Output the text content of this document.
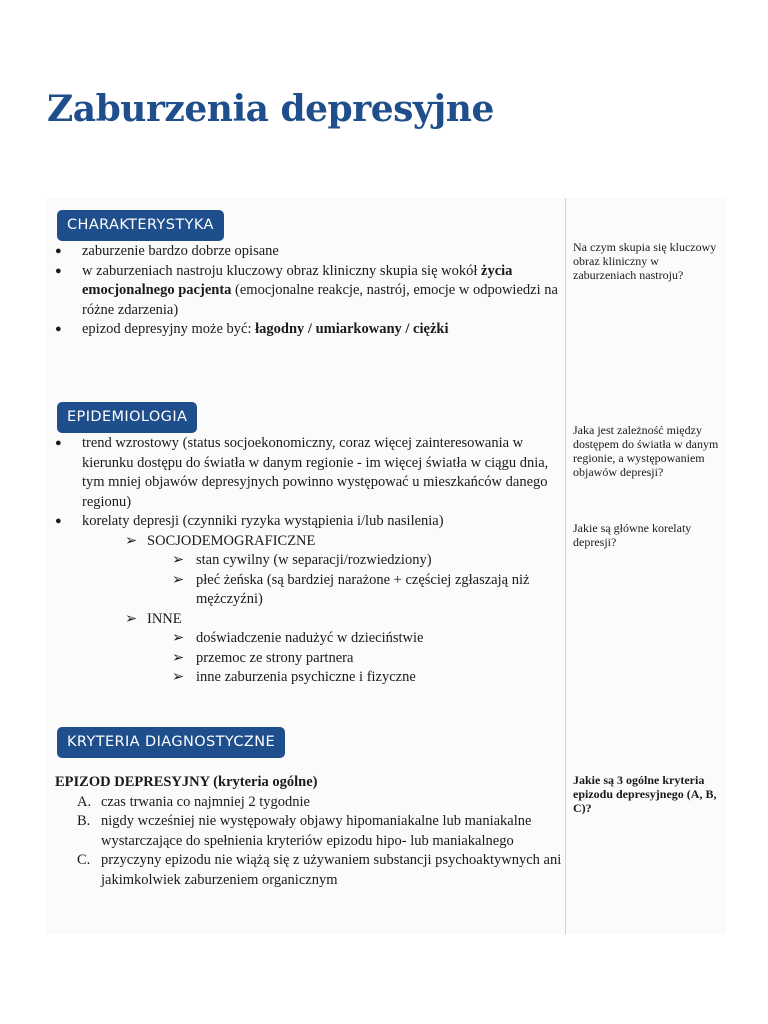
Zaburzenia depresyjne
CHARAKTERYSTYKA
● zaburzenie bardzo dobrze opisane
● w zaburzeniach nastroju kluczowy obraz kliniczny skupia się wokół życia emocjonalnego pacjenta (emocjonalne reakcje, nastrój, emocje w odpowiedzi na różne zdarzenia)
● epizod depresyjny może być: łagodny / umiarkowany / ciężki
Na czym skupia się kluczowy obraz kliniczny w zaburzeniach nastroju?
EPIDEMIOLOGIA
● trend wzrostowy (status socjoekonomiczny, coraz więcej zainteresowania w kierunku dostępu do światła w danym regionie - im więcej światła w ciągu dnia, tym mniej objawów depresyjnych powinno występować u mieszkańców danego regionu)
● korelaty depresji (czynniki ryzyka wystąpienia i/lub nasilenia)
➢ SOCJODEMOGRAFICZNE
➢ stan cywilny (w separacji/rozwiedziony)
➢ płeć żeńska (są bardziej narażone + częściej zgłaszają niż mężczyźni)
➢ INNE
➢ doświadczenie nadużyć w dzieciństwie
➢ przemoc ze strony partnera
➢ inne zaburzenia psychiczne i fizyczne
Jaka jest zależność między dostępem do światła w danym regionie, a występowaniem objawów depresji?
Jakie są główne korelaty depresji?
KRYTERIA DIAGNOSTYCZNE
EPIZOD DEPRESYJNY (kryteria ogólne)
A. czas trwania co najmniej 2 tygodnie
B. nigdy wcześniej nie występowały objawy hipomaniakalne lub maniakalne wystarczające do spełnienia kryteriów epizodu hipo- lub maniakalnego
C. przyczyny epizodu nie wiążą się z używaniem substancji psychoaktywnych ani jakimkolwiek zaburzeniem organicznym
Jakie są 3 ogólne kryteria epizodu depresyjnego (A, B, C)?
